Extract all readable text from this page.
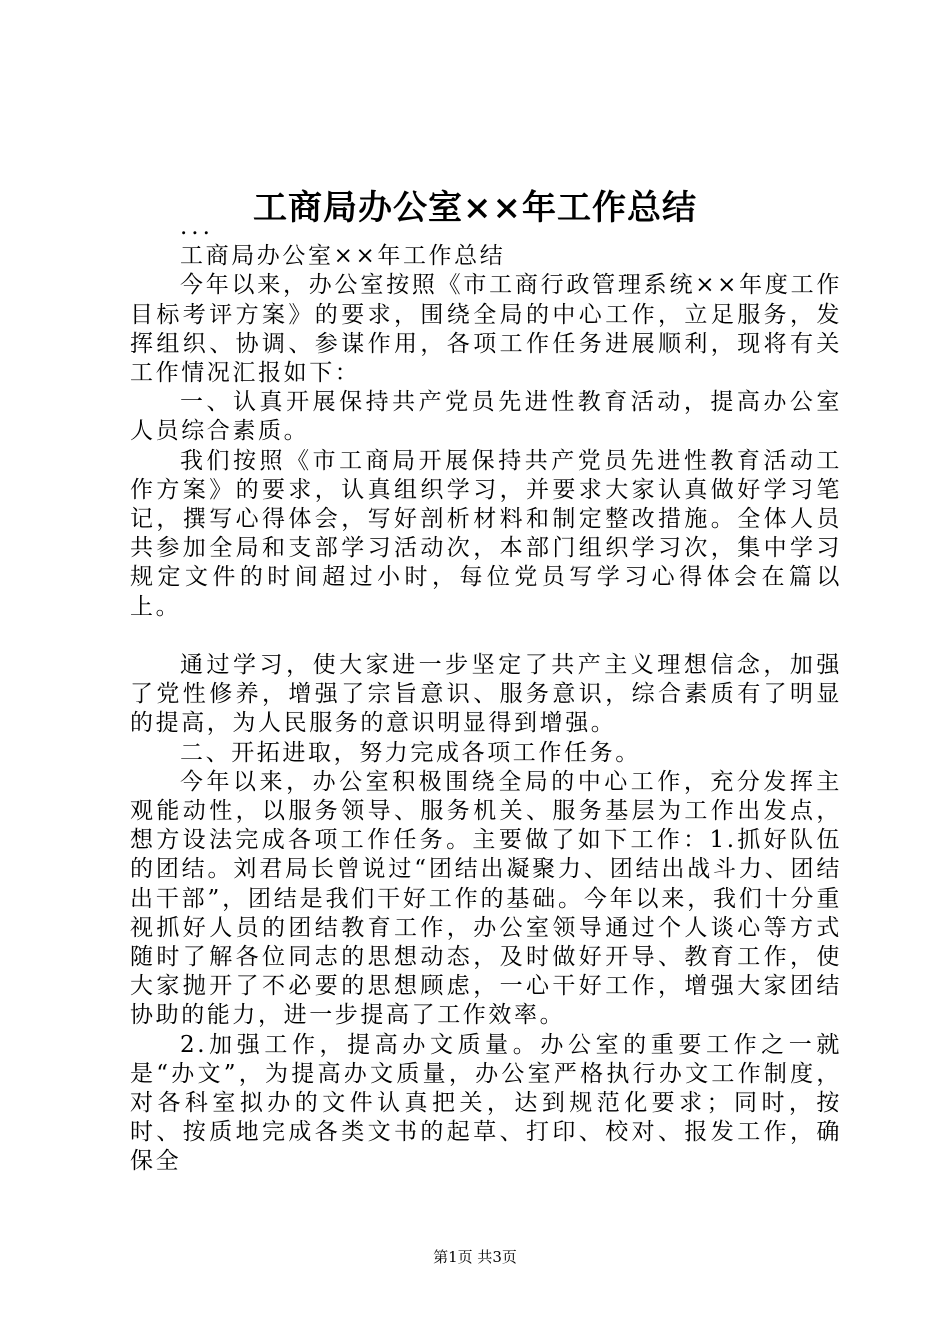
工商局办公室××年工作总结

...

工商局办公室××年工作总结

今年以来，办公室按照《市工商行政管理系统××年度工作目标考评方案》的要求，围绕全局的中心工作，立足服务，发挥组织、协调、参谋作用，各项工作任务进展顺利，现将有关工作情况汇报如下：

一、认真开展保持共产党员先进性教育活动，提高办公室人员综合素质。

我们按照《市工商局开展保持共产党员先进性教育活动工作方案》的要求，认真组织学习，并要求大家认真做好学习笔记，撰写心得体会，写好剖析材料和制定整改措施。全体人员共参加全局和支部学习活动次，本部门组织学习次，集中学习规定文件的时间超过小时，每位党员写学习心得体会在篇以上。

通过学习，使大家进一步坚定了共产主义理想信念，加强了党性修养，增强了宗旨意识、服务意识，综合素质有了明显的提高，为人民服务的意识明显得到增强。

二、开拓进取，努力完成各项工作任务。

今年以来，办公室积极围绕全局的中心工作，充分发挥主观能动性，以服务领导、服务机关、服务基层为工作出发点，想方设法完成各项工作任务。主要做了如下工作：1.抓好队伍的团结。刘君局长曾说过“团结出凝聚力、团结出战斗力、团结出干部”，团结是我们干好工作的基础。今年以来，我们十分重视抓好人员的团结教育工作，办公室领导通过个人谈心等方式随时了解各位同志的思想动态，及时做好开导、教育工作，使大家抛开了不必要的思想顾虑，一心干好工作，增强大家团结协助的能力，进一步提高了工作效率。

2.加强工作，提高办文质量。办公室的重要工作之一就是“办文”，为提高办文质量，办公室严格执行办文工作制度，对各科室拟办的文件认真把关，达到规范化要求；同时，按时、按质地完成各类文书的起草、打印、校对、报发工作，确保全

第1页 共3页
